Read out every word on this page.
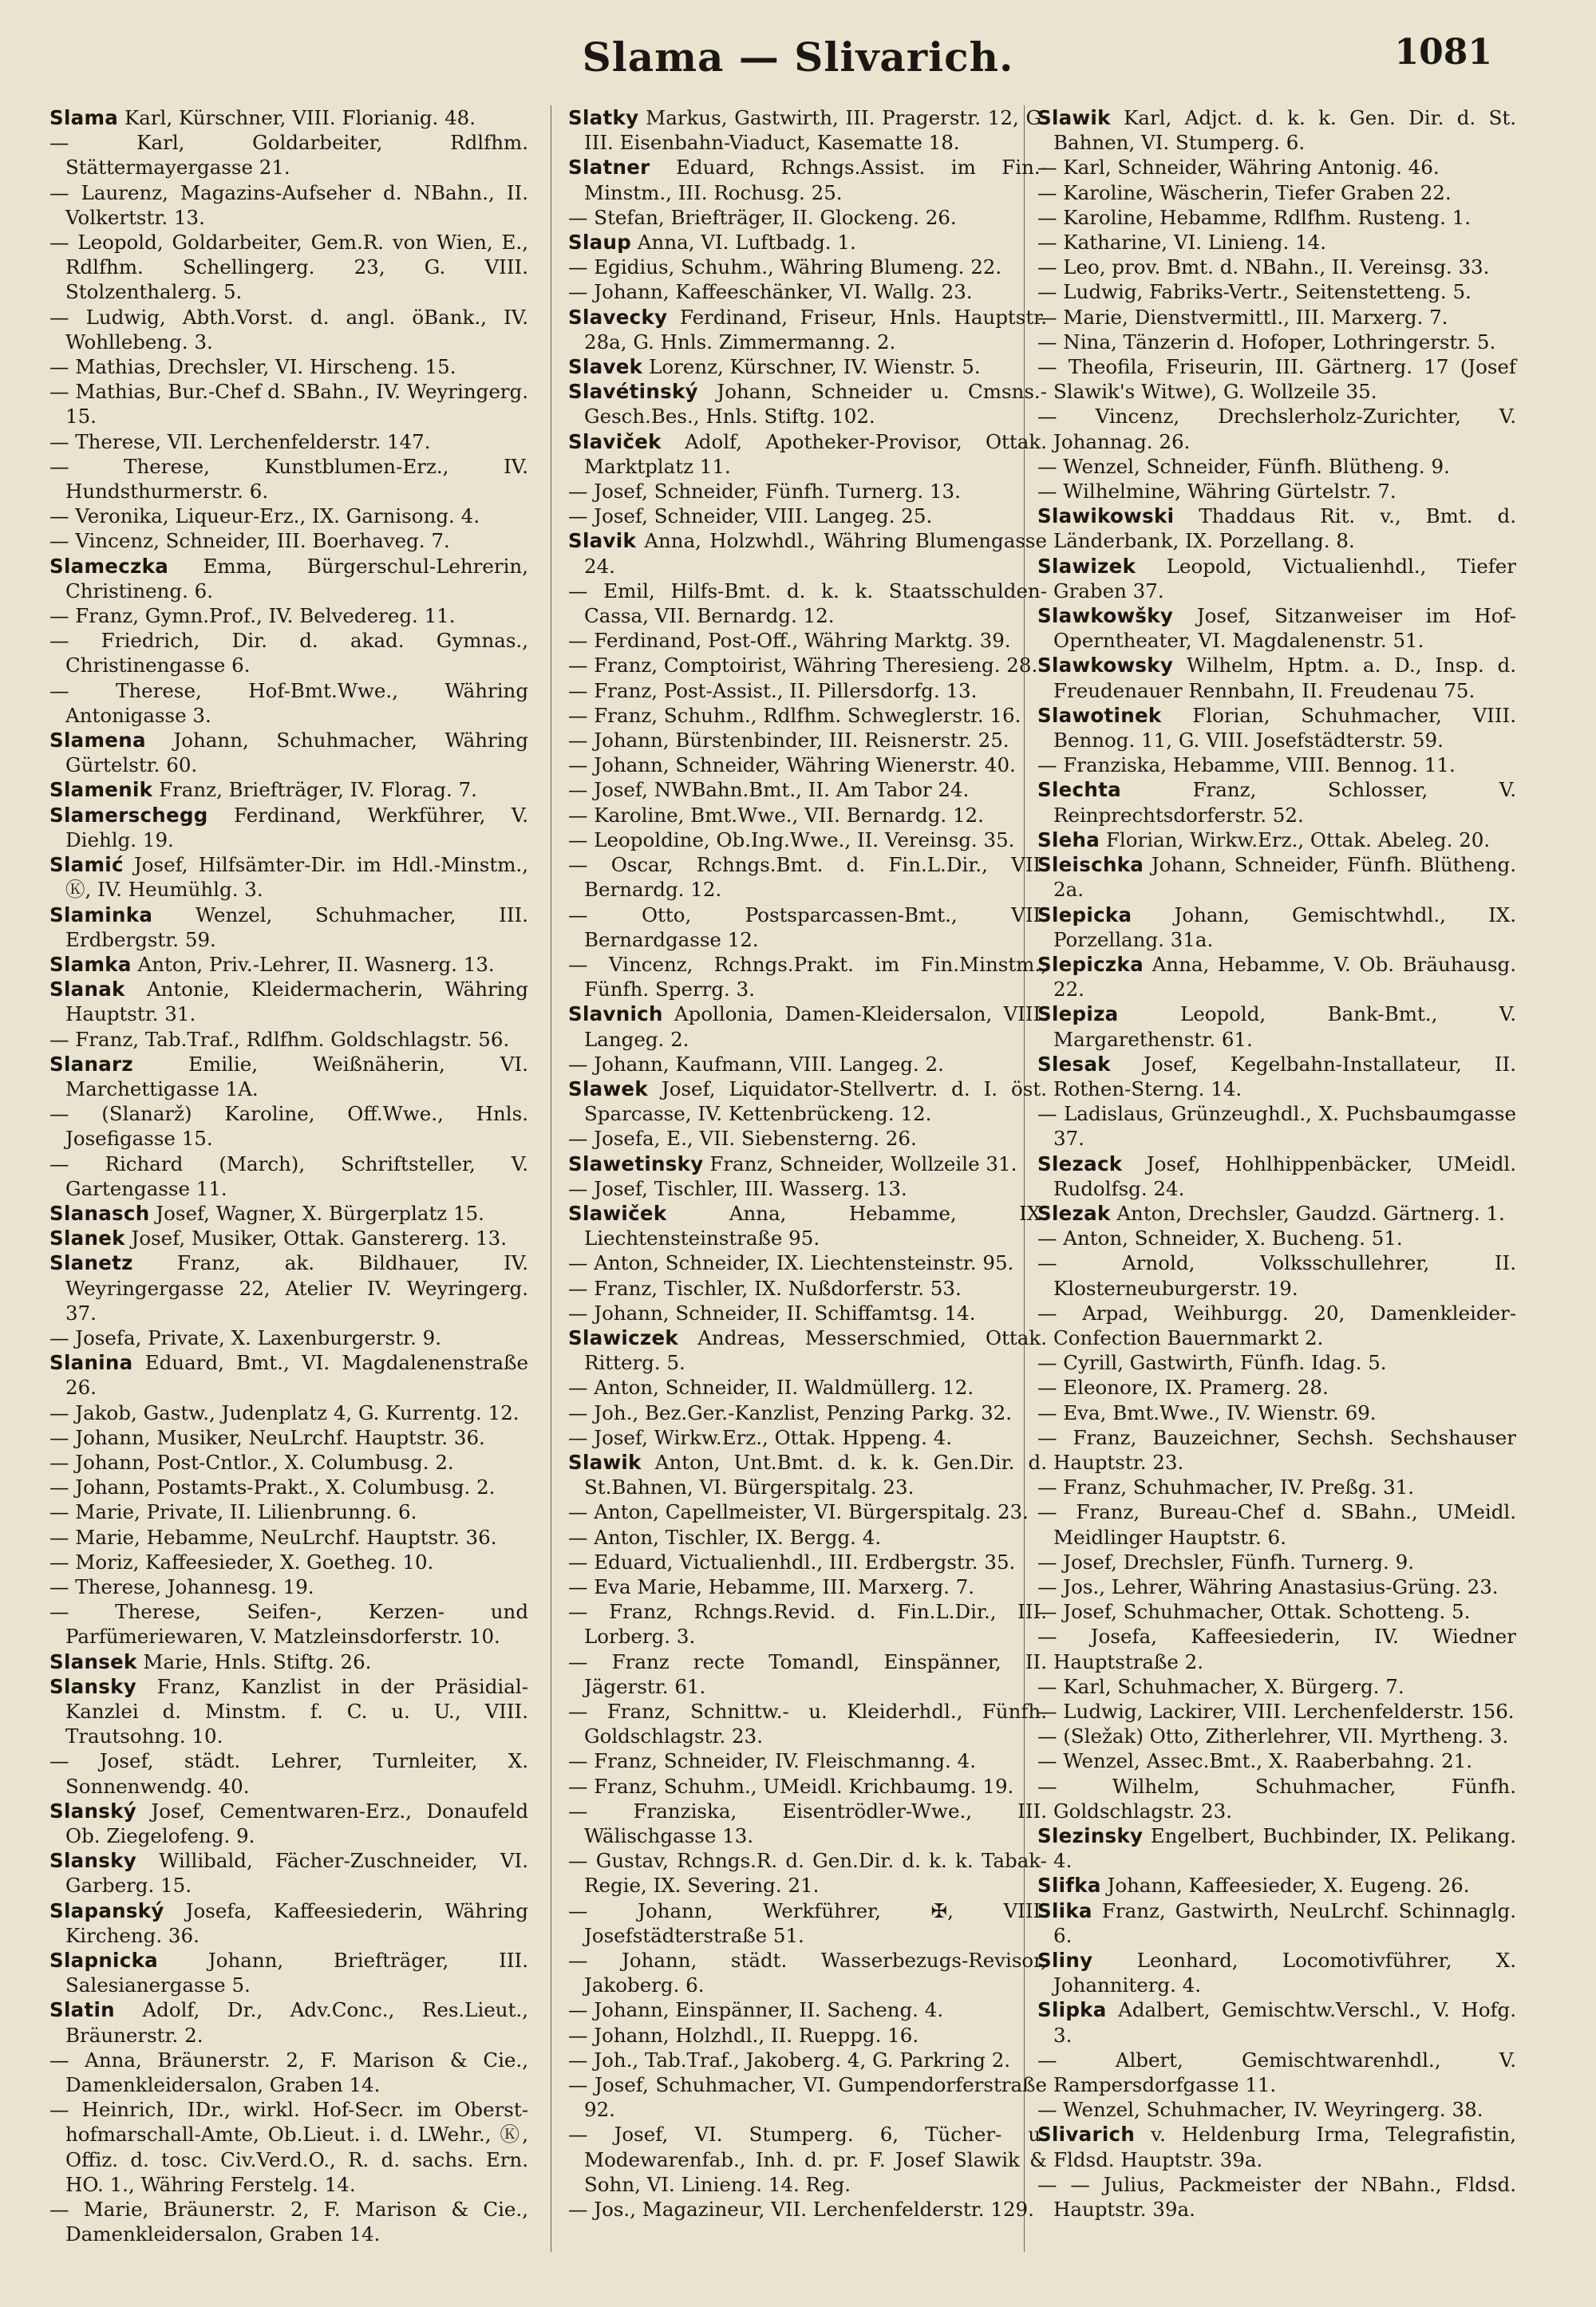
Slama — Slivarich.	1081

Slama Karl, Kürschner, VIII. Florianig. 48.

— Karl, Goldarbeiter, Rdlfhm. Stättermayergasse 21.

— Laurenz, Magazins-Aufseher d. NBahn., II. Volkertstr. 13.

— Leopold, Goldarbeiter, Gem.R. von Wien, E., Rdlfhm. Schellingerg. 23, G. VIII. Stolzenthalerg. 5.

— Ludwig, Abth.Vorst. d. angl. öBank., IV. Wohllebeng. 3.

— Mathias, Drechsler, VI. Hirscheng. 15.

— Mathias, Bur.-Chef d. SBahn., IV. Weyringerg. 15.

— Therese, VII. Lerchenfelderstr. 147.

— Therese, Kunstblumen-Erz., IV. Hundsthurmerstr. 6.

— Veronika, Liqueur-Erz., IX. Garnisong. 4.

— Vincenz, Schneider, III. Boerhaveg. 7.

Slameczka Emma, Bürgerschul-Lehrerin, Christineng. 6.

— Franz, Gymn.Prof., IV. Belvedereg. 11.

— Friedrich, Dir. d. akad. Gymnas., Christinengasse 6.

— Therese, Hof-Bmt.Wwe., Währing Antonigasse 3.

Slamena Johann, Schuhmacher, Währing Gürtelstr. 60.

Slamenik Franz, Briefträger, IV. Florag. 7.

Slamerschegg Ferdinand, Werkführer, V. Diehlg. 19.

Slamić Josef, Hilfsämter-Dir. im Hdl.-Minstm., Ⓚ, IV. Heumühlg. 3.

Slaminka Wenzel, Schuhmacher, III. Erdbergstr. 59.

Slamka Anton, Priv.-Lehrer, II. Wasnerg. 13.

Slanak Antonie, Kleidermacherin, Währing Hauptstr. 31.

— Franz, Tab.Traf., Rdlfhm. Goldschlagstr. 56.

Slanarz	Emilie, Weißnäherin, VI. Marchettigasse 1A.

— (Slanarž) Karoline, Off.Wwe., Hnls. Josefigasse 15.

— Richard (March), Schriftsteller, V. Gartengasse 11.

Slanasch Josef, Wagner, X. Bürgerplatz 15.

Slanek Josef, Musiker, Ottak. Ganstererg. 13.

Slanetz Franz, ak. Bildhauer, IV. Weyringergasse 22, Atelier IV. Weyringerg. 37.

— Josefa, Private, X. Laxenburgerstr. 9.

Slanina Eduard, Bmt., VI. Magdalenenstraße 26.

— Jakob, Gastw., Judenplatz 4, G. Kurrentg. 12.

— Johann, Musiker, NeuLrchf. Hauptstr. 36.

— Johann, Post-Cntlor., X. Columbusg. 2.

— Johann, Postamts-Prakt., X. Columbusg. 2.

— Marie, Private, II. Lilienbrunng. 6.

— Marie, Hebamme, NeuLrchf. Hauptstr. 36.

— Moriz, Kaffeesieder, X. Goetheg. 10.

— Therese, Johannesg. 19.

— Therese, Seifen-, Kerzen- und Parfümeriewaren, V. Matzleinsdorferstr. 10.

Slansek Marie, Hnls. Stiftg. 26.

Slansky Franz, Kanzlist in der Präsidial-Kanzlei d. Minstm. f. C. u. U., VIII. Trautsohng. 10.

— Josef, städt. Lehrer, Turnleiter, X. Sonnenwendg. 40.

Slanský Josef, Cementwaren-Erz., Donaufeld Ob. Ziegelofeng. 9.

Slansky Willibald, Fächer-Zuschneider, VI. Garberg. 15.

Slapanský Josefa, Kaffeesiederin, Währing Kircheng. 36.

Slapnicka	Johann, Briefträger, III. Salesianergasse 5.

Slatin Adolf, Dr., Adv.Conc., Res.Lieut., Bräunerstr. 2.

— Anna, Bräunerstr. 2, F. Marison & Cie., Damenkleidersalon, Graben 14.

— Heinrich, IDr., wirkl. Hof-Secr. im Oberst-hofmarschall-Amte, Ob.Lieut. i. d. LWehr., Ⓚ, Offiz. d. tosc. Civ.Verd.O., R. d. sachs. Ern. HO. 1., Währing Ferstelg. 14.

— Marie, Bräunerstr. 2, F. Marison & Cie., Damenkleidersalon, Graben 14.

Slatky Markus, Gastwirth, III. Pragerstr. 12, G. III. Eisenbahn-Viaduct, Kasematte 18.

Slatner Eduard, Rchngs.Assist. im Fin.-Minstm., III. Rochusg. 25.

— Stefan, Briefträger, II. Glockeng. 26.

Slaup Anna, VI. Luftbadg. 1.

— Egidius, Schuhm., Währing Blumeng. 22.

— Johann, Kaffeeschänker, VI. Wallg. 23.

Slavecky Ferdinand, Friseur, Hnls. Hauptstr. 28a, G. Hnls. Zimmermanng. 2.

Slavek Lorenz, Kürschner, IV. Wienstr. 5.

Slavétinský Johann, Schneider u. Cmsns.-Gesch.Bes., Hnls. Stiftg. 102.

Slaviček Adolf, Apotheker-Provisor, Ottak. Marktplatz 11.

— Josef, Schneider, Fünfh. Turnerg. 13.

— Josef, Schneider, VIII. Langeg. 25.

Slavik Anna, Holzwhdl., Währing Blumengasse 24.

— Emil, Hilfs-Bmt. d. k. k. Staatsschulden-Cassa, VII. Bernardg. 12.

— Ferdinand, Post-Off., Währing Marktg. 39.

— Franz, Comptoirist, Währing Theresieng. 28.

— Franz, Post-Assist., II. Pillersdorfg. 13.

— Franz, Schuhm., Rdlfhm. Schweglerstr. 16.

— Johann, Bürstenbinder, III. Reisnerstr. 25.

— Johann, Schneider, Währing Wienerstr. 40.

— Josef, NWBahn.Bmt., II. Am Tabor 24.

— Karoline, Bmt.Wwe., VII. Bernardg. 12.

— Leopoldine, Ob.Ing.Wwe., II. Vereinsg. 35.

— Oscar, Rchngs.Bmt. d. Fin.L.Dir., VII. Bernardg. 12.

— Otto, Postsparcassen-Bmt., VII. Bernardgasse 12.

— Vincenz, Rchngs.Prakt. im Fin.Minstm., Fünfh. Sperrg. 3.

Slavnich Apollonia, Damen-Kleidersalon, VIII. Langeg. 2.

— Johann, Kaufmann, VIII. Langeg. 2.

Slawek Josef, Liquidator-Stellvertr. d. I. öst. Sparcasse, IV. Kettenbrückeng. 12.

— Josefa, E., VII. Siebensterng. 26.

Slawetinsky Franz, Schneider, Wollzeile 31.

— Josef, Tischler, III. Wasserg. 13.

Slawiček	Anna, Hebamme, IX. Liechtensteinstraße 95.

— Anton, Schneider, IX. Liechtensteinstr. 95.

— Franz, Tischler, IX. Nußdorferstr. 53.

— Johann, Schneider, II. Schiffamtsg. 14.

Slawiczek Andreas, Messerschmied, Ottak. Ritterg. 5.

— Anton, Schneider, II. Waldmüllerg. 12.

— Joh., Bez.Ger.-Kanzlist, Penzing Parkg. 32.

— Josef, Wirkw.Erz., Ottak. Hppeng. 4.

Slawik Anton, Unt.Bmt. d. k. k. Gen.Dir. d. St.Bahnen, VI. Bürgerspitalg. 23.

— Anton, Capellmeister, VI. Bürgerspitalg. 23.

— Anton, Tischler, IX. Bergg. 4.

— Eduard, Victualienhdl., III. Erdbergstr. 35.

— Eva Marie, Hebamme, III. Marxerg. 7.

— Franz, Rchngs.Revid. d. Fin.L.Dir., III. Lorberg. 3.

— Franz recte Tomandl, Einspänner, II. Jägerstr. 61.

— Franz, Schnittw.- u. Kleiderhdl., Fünfh. Goldschlagstr. 23.

— Franz, Schneider, IV. Fleischmanng. 4.

— Franz, Schuhm., UMeidl. Krichbaumg. 19.

— Franziska, Eisentrödler-Wwe., III. Wälischgasse 13.

— Gustav, Rchngs.R. d. Gen.Dir. d. k. k. Tabak-Regie, IX. Severing. 21.

— Johann, Werkführer, ✠, VIII. Josefstädterstraße 51.

— Johann, städt. Wasserbezugs-Revisor, Jakoberg. 6.

— Johann, Einspänner, II. Sacheng. 4.

— Johann, Holzhdl., II. Rueppg. 16.

— Joh., Tab.Traf., Jakoberg. 4, G. Parkring 2.

— Josef, Schuhmacher, VI. Gumpendorferstraße 92.

— Josef, VI. Stumperg. 6, Tücher- u. Modewarenfab., Inh. d. pr. F. Josef Slawik & Sohn, VI. Linieng. 14. Reg.

— Jos., Magazineur, VII. Lerchenfelderstr. 129.

Slawik Karl, Adjct. d. k. k. Gen. Dir. d. St. Bahnen, VI. Stumperg. 6.

— Karl, Schneider, Währing Antonig. 46.

— Karoline, Wäscherin, Tiefer Graben 22.

— Karoline, Hebamme, Rdlfhm. Rusteng. 1.

— Katharine, VI. Linieng. 14.

— Leo, prov. Bmt. d. NBahn., II. Vereinsg. 33.

— Ludwig, Fabriks-Vertr., Seitenstetteng. 5.

— Marie, Dienstvermittl., III. Marxerg. 7.

— Nina, Tänzerin d. Hofoper, Lothringerstr. 5.

— Theofila, Friseurin, III. Gärtnerg. 17 (Josef Slawik's Witwe), G. Wollzeile 35.

— Vincenz, Drechslerholz-Zurichter, V. Johannag. 26.

— Wenzel, Schneider, Fünfh. Blütheng. 9.

— Wilhelmine, Währing Gürtelstr. 7.

Slawikowski Thaddaus Rit. v., Bmt. d. Länderbank, IX. Porzellang. 8.

Slawizek Leopold, Victualienhdl., Tiefer Graben 37.

Slawkowšky Josef, Sitzanweiser im Hof-Operntheater, VI. Magdalenenstr. 51.

Slawkowsky Wilhelm, Hptm. a. D., Insp. d. Freudenauer Rennbahn, II. Freudenau 75.

Slawotinek Florian, Schuhmacher, VIII. Bennog. 11, G. VIII. Josefstädterstr. 59.

— Franziska, Hebamme, VIII. Bennog. 11.

Slechta	Franz, Schlosser, V. Reinprechtsdorferstr. 52.

Sleha Florian, Wirkw.Erz., Ottak. Abeleg. 20.

Sleischka Johann, Schneider, Fünfh. Blütheng. 2a.

Slepicka Johann, Gemischtwhdl., IX. Porzellang. 31a.

Slepiczka Anna, Hebamme, V. Ob. Bräuhausg. 22.

Slepiza	Leopold, Bank-Bmt., V. Margarethenstr. 61.

Slesak Josef, Kegelbahn-Installateur, II. Rothen-Sterng. 14.

— Ladislaus, Grünzeughdl., X. Puchsbaumgasse 37.

Slezack Josef, Hohlhippenbäcker, UMeidl. Rudolfsg. 24.

Slezak Anton, Drechsler, Gaudzd. Gärtnerg. 1.

— Anton, Schneider, X. Bucheng. 51.

— Arnold, Volksschullehrer, II. Klosterneuburgerstr. 19.

— Arpad, Weihburgg. 20, Damenkleider-Confection Bauernmarkt 2.

— Cyrill, Gastwirth, Fünfh. Idag. 5.

— Eleonore, IX. Pramerg. 28.

— Eva, Bmt.Wwe., IV. Wienstr. 69.

— Franz, Bauzeichner, Sechsh. Sechshauser Hauptstr. 23.

— Franz, Schuhmacher, IV. Preßg. 31.

— Franz, Bureau-Chef d. SBahn., UMeidl. Meidlinger Hauptstr. 6.

— Josef, Drechsler, Fünfh. Turnerg. 9.

— Jos., Lehrer, Währing Anastasius-Grüng. 23.

— Josef, Schuhmacher, Ottak. Schotteng. 5.

— Josefa, Kaffeesiederin, IV. Wiedner Hauptstraße 2.

— Karl, Schuhmacher, X. Bürgerg. 7.

— Ludwig, Lackirer, VIII. Lerchenfelderstr. 156.

— (Sležak) Otto, Zitherlehrer, VII. Myrtheng. 3.

— Wenzel, Assec.Bmt., X. Raaberbahng. 21.

— Wilhelm, Schuhmacher, Fünfh. Goldschlagstr. 23.

Slezinsky Engelbert, Buchbinder, IX. Pelikang. 4.

Slifka Johann, Kaffeesieder, X. Eugeng. 26.

Slika Franz, Gastwirth, NeuLrchf. Schinnaglg. 6.

Sliny Leonhard, Locomotivführer, X. Johanniterg. 4.

Slipka Adalbert, Gemischtw.Verschl., V. Hofg. 3.

— Albert, Gemischtwarenhdl., V. Rampersdorfgasse 11.

— Wenzel, Schuhmacher, IV. Weyringerg. 38.

Slivarich v. Heldenburg Irma, Telegrafistin, Fldsd. Hauptstr. 39a.

— — Julius, Packmeister der NBahn., Fldsd. Hauptstr. 39a.
